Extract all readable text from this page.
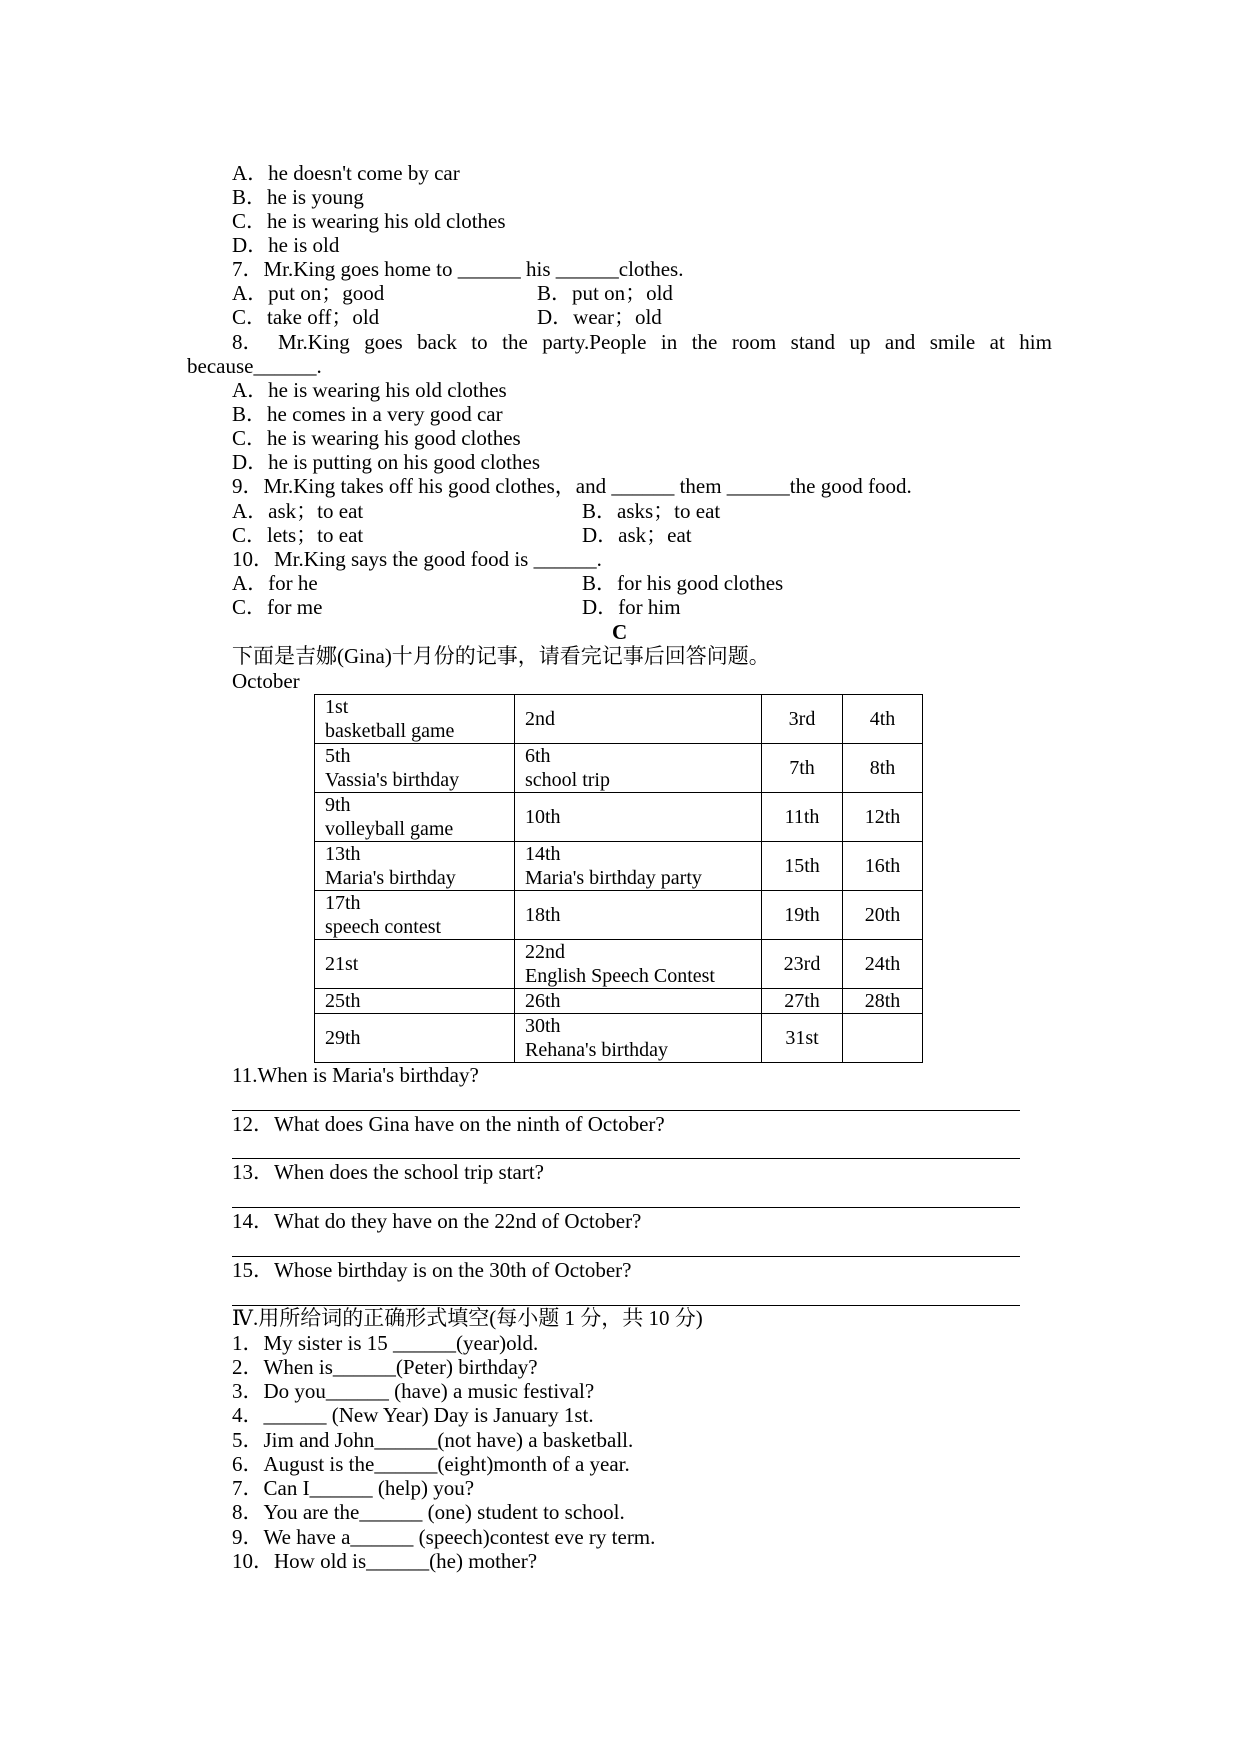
A．he doesn't come by car
B．he is young
C．he is wearing his old clothes
D．he is old
7．Mr.King goes home to ______ his ______clothes.
A．put on；good	B．put on；old
C．take off；old	D．wear；old
8． Mr.King goes back to the party.People in the room stand up and smile at him
because______.
A．he is wearing his old clothes
B．he comes in a very good car
C．he is wearing his good clothes
D．he is putting on his good clothes
9．Mr.King takes off his good clothes，and ______ them ______the good food.
A．ask；to eat	B．asks；to eat
C．lets；to eat	D．ask；eat
10．Mr.King says the good food is ______.
A．for he	B．for his good clothes
C．for me	D．for him
C
下面是吉娜(Gina)十月份的记事，请看完记事后回答问题。
October
1st
basketball game	2nd	3rd	4th

5th
Vassia's birthday	6th
school trip	7th	8th

9th
volleyball game	10th	11th	12th

13th
Maria's birthday	14th
Maria's birthday party	15th	16th

17th
speech contest	18th	19th	20th

21st	22nd
English Speech Contest	23rd	24th

25th	26th	27th	28th

29th	30th
Rehana's birthday	31st	
11.When is Maria's birthday?
12．What does Gina have on the ninth of October?
13．When does the school trip start?
14．What do they have on the 22nd of October?
15．Whose birthday is on the 30th of October?
Ⅳ.用所给词的正确形式填空(每小题 1 分，共 10 分)
1．My sister is 15 ______(year)old.
2．When is______(Peter) birthday?
3．Do you______ (have) a music festival?
4．______ (New Year) Day is January 1st.
5．Jim and John______(not have) a basketball.
6．August is the______(eight)month of a year.
7．Can I______ (help) you?
8．You are the______ (one) student to school.
9．We have a______ (speech)contest eve ry term.
10．How old is______(he) mother?
